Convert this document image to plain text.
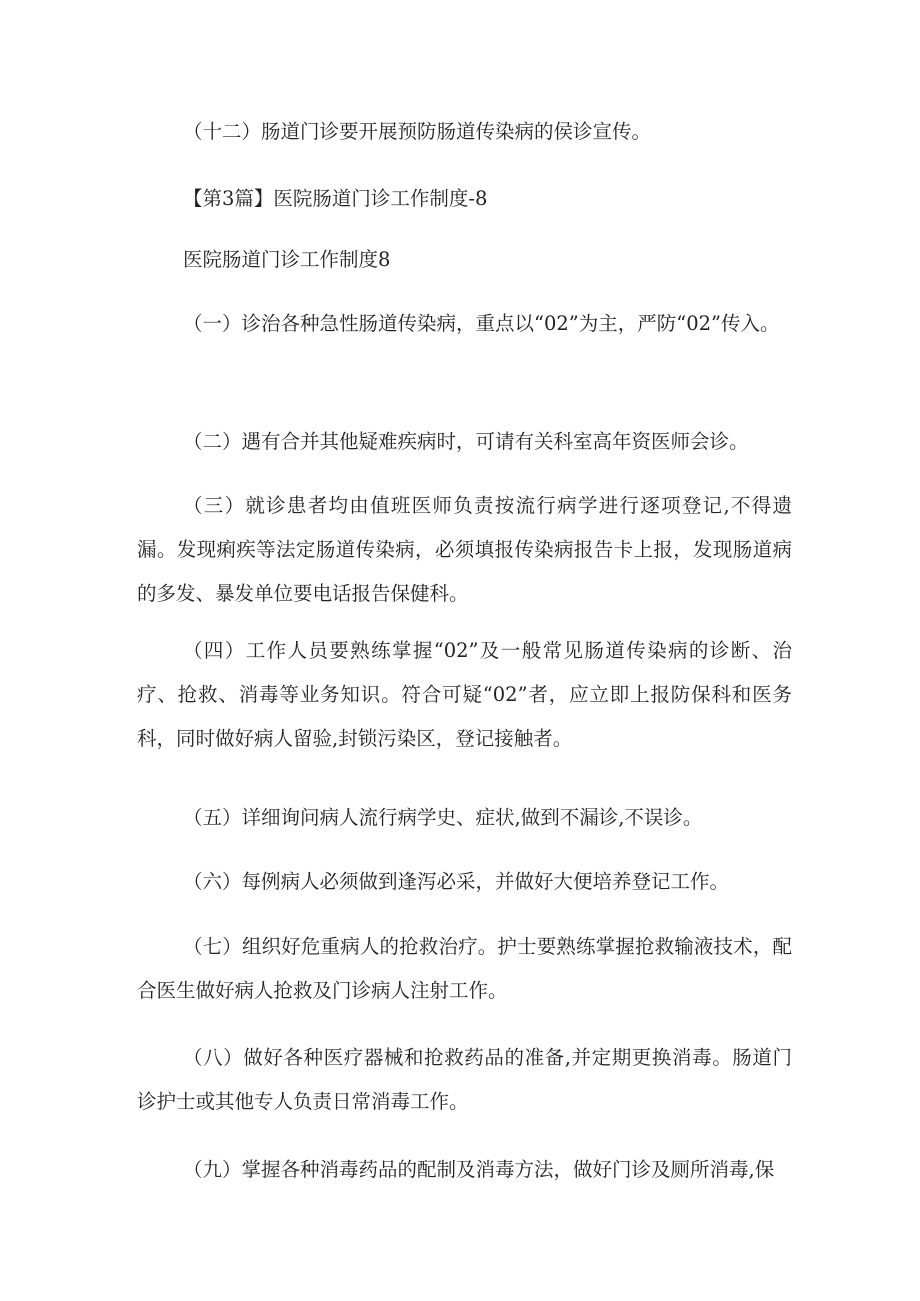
（十二）肠道门诊要开展预防肠道传染病的侯诊宣传。

【第3篇】医院肠道门诊工作制度-8

医院肠道门诊工作制度8

（一）诊治各种急性肠道传染病，重点以“02”为主，严防“02”传入。

（二）遇有合并其他疑难疾病时，可请有关科室高年资医师会诊。

（三）就诊患者均由值班医师负责按流行病学进行逐项登记,不得遗漏。发现痢疾等法定肠道传染病，必须填报传染病报告卡上报，发现肠道病的多发、暴发单位要电话报告保健科。

（四）工作人员要熟练掌握“02”及一般常见肠道传染病的诊断、治疗、抢救、消毒等业务知识。符合可疑“02”者，应立即上报防保科和医务科，同时做好病人留验,封锁污染区，登记接触者。

（五）详细询问病人流行病学史、症状,做到不漏诊,不误诊。

（六）每例病人必须做到逢泻必采，并做好大便培养登记工作。

（七）组织好危重病人的抢救治疗。护士要熟练掌握抢救输液技术，配合医生做好病人抢救及门诊病人注射工作。

（八）做好各种医疗器械和抢救药品的准备,并定期更换消毒。肠道门诊护士或其他专人负责日常消毒工作。

（九）掌握各种消毒药品的配制及消毒方法，做好门诊及厕所消毒,保
